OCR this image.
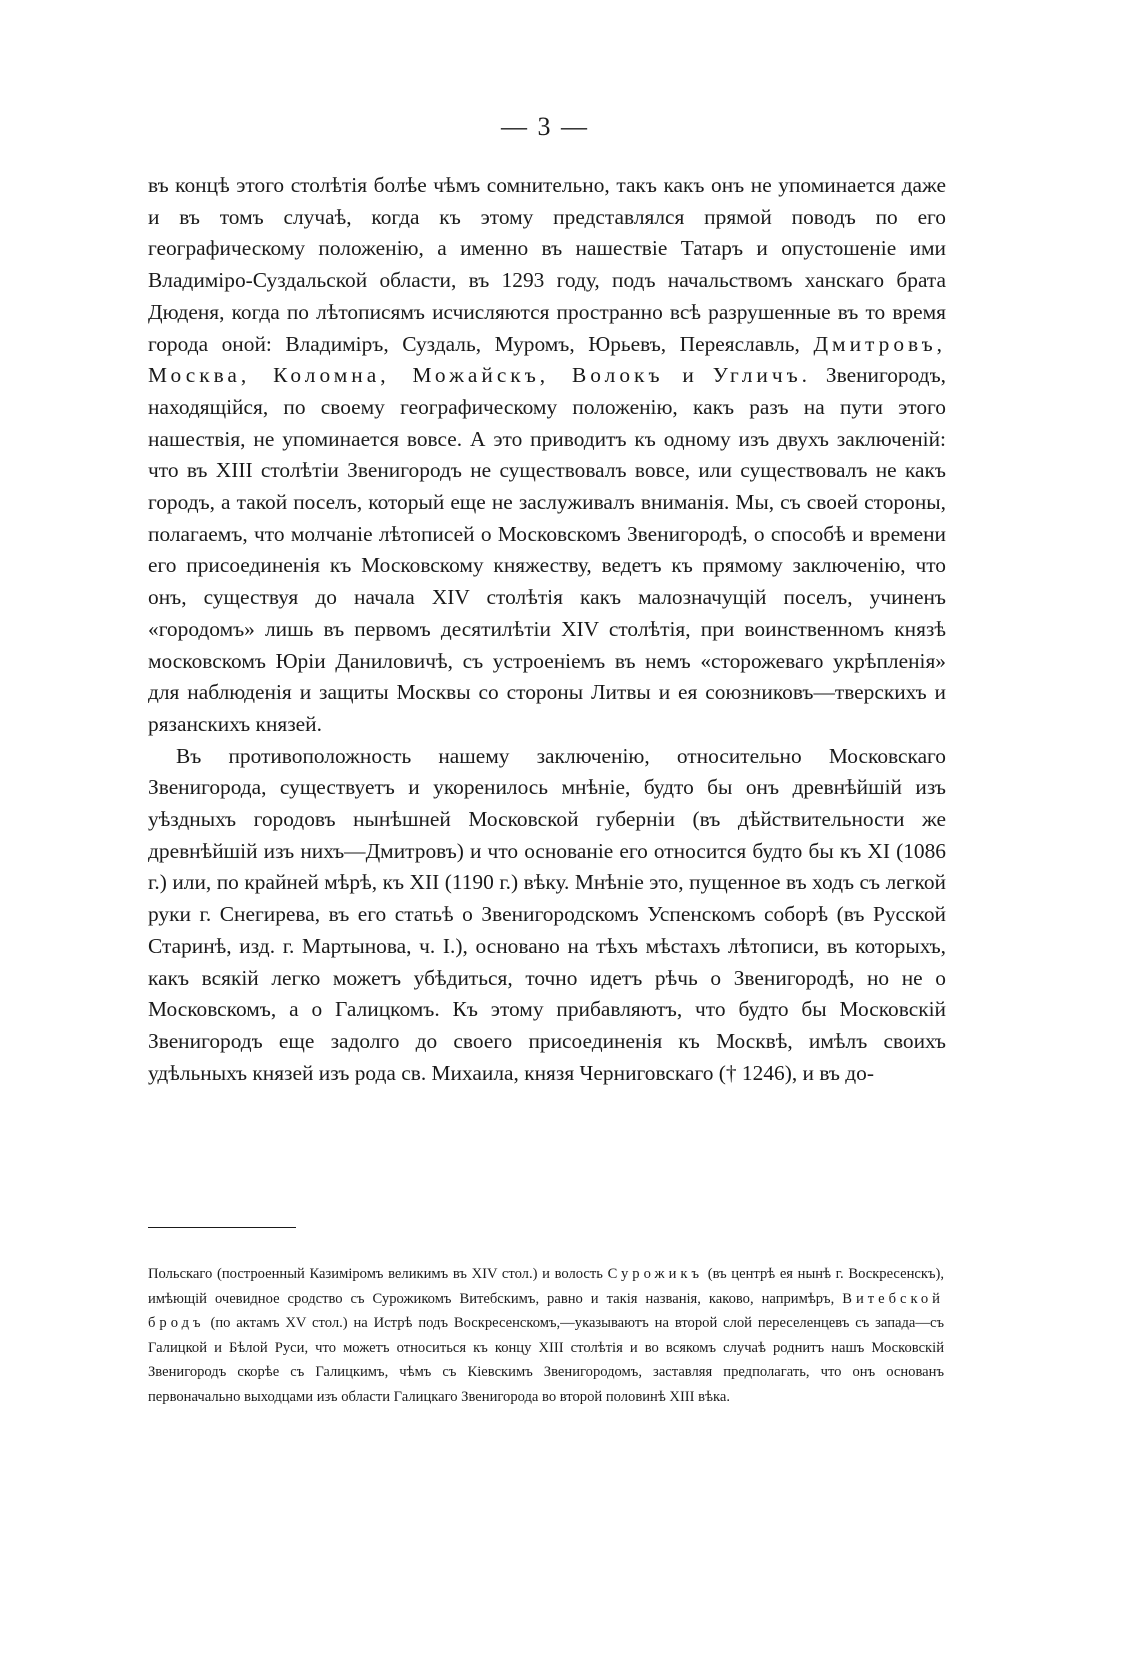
— 3 —

въ концѣ этого столѣтія болѣе чѣмъ сомнительно, такъ какъ онъ не упоминается даже и въ томъ случаѣ, когда къ этому представлялся прямой поводъ по его географическому положенію, а именно въ нашествіе Татаръ и опустошеніе ими Владиміро-Суздальской области, въ 1293 году, подъ начальствомъ ханскаго брата Дюденя, когда по лѣтописямъ исчисляются пространно всѣ разрушенные въ то время города оной: Владиміръ, Суздаль, Муромъ, Юрьевъ, Переяславль, Дмитровъ, Москва, Коломна, Можайскъ, Волокъ и Угличъ. Звенигородъ, находящійся, по своему географическому положенію, какъ разъ на пути этого нашествія, не упоминается вовсе. А это приводитъ къ одному изъ двухъ заключеній: что въ XIII столѣтіи Звенигородъ не существовалъ вовсе, или существовалъ не какъ городъ, а такой поселъ, который еще не заслуживалъ вниманія. Мы, съ своей стороны, полагаемъ, что молчаніе лѣтописей о Московскомъ Звенигородѣ, о способѣ и времени его присоединенія къ Московскому княжеству, ведетъ къ прямому заключенію, что онъ, существуя до начала XIV столѣтія какъ малозначущій поселъ, учиненъ «городомъ» лишь въ первомъ десятилѣтіи XIV столѣтія, при воинственномъ князѣ московскомъ Юріи Даниловичѣ, съ устроеніемъ въ немъ «сторожеваго укрѣпленія» для наблюденія и защиты Москвы со стороны Литвы и ея союзниковъ—тверскихъ и рязанскихъ князей.

Въ противоположность нашему заключенію, относительно Московскаго Звенигорода, существуетъ и укоренилось мнѣніе, будто бы онъ древнѣйшій изъ уѣздныхъ городовъ нынѣшней Московской губерніи (въ дѣйствительности же древнѣйшій изъ нихъ—Дмитровъ) и что основаніе его относится будто бы къ XI (1086 г.) или, по крайней мѣрѣ, къ XII (1190 г.) вѣку. Мнѣніе это, пущенное въ ходъ съ легкой руки г. Снегирева, въ его статьѣ о Звенигородскомъ Успенскомъ соборѣ (въ Русской Старинѣ, изд. г. Мартынова, ч. I.), основано на тѣхъ мѣстахъ лѣтописи, въ которыхъ, какъ всякій легко можетъ убѣдиться, точно идетъ рѣчь о Звенигородѣ, но не о Московскомъ, а о Галицкомъ. Къ этому прибавляютъ, что будто бы Московскій Звенигородъ еще задолго до своего присоединенія къ Москвѣ, имѣлъ своихъ удѣльныхъ князей изъ рода св. Михаила, князя Черниговскаго († 1246), и въ до-

Польскаго (построенный Казиміромъ великимъ въ XIV стол.) и волость Сурожикъ (въ центрѣ ея нынѣ г. Воскресенскъ), имѣющій очевидное сродство съ Сурожикомъ Витебскимъ, равно и такія названія, каково, напримѣръ, Витебской бродъ (по актамъ XV стол.) на Истрѣ подъ Воскресенскомъ,—указываютъ на второй слой переселенцевъ съ запада—съ Галицкой и Бѣлой Руси, что можетъ относиться къ концу XIII столѣтія и во всякомъ случаѣ роднитъ нашъ Московскій Звенигородъ скорѣе съ Галицкимъ, чѣмъ съ Кіевскимъ Звенигородомъ, заставляя предполагать, что онъ основанъ первоначально выходцами изъ области Галицкаго Звенигорода во второй половинѣ XIII вѣка.
